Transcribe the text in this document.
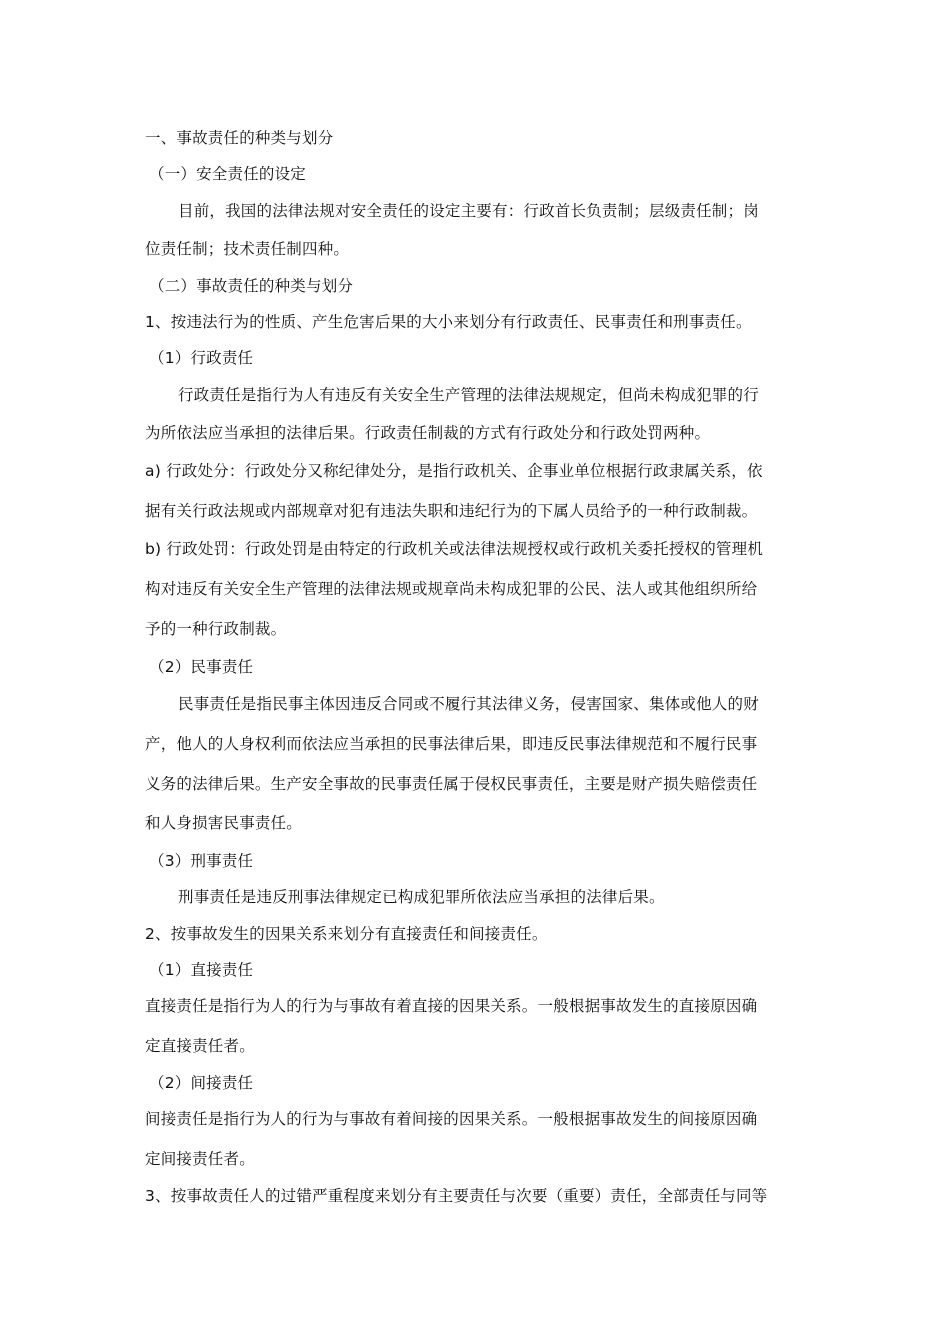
一、事故责任的种类与划分
（一）安全责任的设定
目前，我国的法律法规对安全责任的设定主要有：行政首长负责制；层级责任制；岗
位责任制；技术责任制四种。
（二）事故责任的种类与划分
1、按违法行为的性质、产生危害后果的大小来划分有行政责任、民事责任和刑事责任。
（1）行政责任
行政责任是指行为人有违反有关安全生产管理的法律法规规定，但尚未构成犯罪的行
为所依法应当承担的法律后果。行政责任制裁的方式有行政处分和行政处罚两种。
a) 行政处分：行政处分又称纪律处分，是指行政机关、企事业单位根据行政隶属关系，依
据有关行政法规或内部规章对犯有违法失职和违纪行为的下属人员给予的一种行政制裁。
b) 行政处罚：行政处罚是由特定的行政机关或法律法规授权或行政机关委托授权的管理机
构对违反有关安全生产管理的法律法规或规章尚未构成犯罪的公民、法人或其他组织所给
予的一种行政制裁。
（2）民事责任
民事责任是指民事主体因违反合同或不履行其法律义务，侵害国家、集体或他人的财
产，他人的人身权利而依法应当承担的民事法律后果，即违反民事法律规范和不履行民事
义务的法律后果。生产安全事故的民事责任属于侵权民事责任，主要是财产损失赔偿责任
和人身损害民事责任。
（3）刑事责任
刑事责任是违反刑事法律规定已构成犯罪所依法应当承担的法律后果。
2、按事故发生的因果关系来划分有直接责任和间接责任。
（1）直接责任
直接责任是指行为人的行为与事故有着直接的因果关系。一般根据事故发生的直接原因确
定直接责任者。
（2）间接责任
间接责任是指行为人的行为与事故有着间接的因果关系。一般根据事故发生的间接原因确
定间接责任者。
3、按事故责任人的过错严重程度来划分有主要责任与次要（重要）责任，全部责任与同等
